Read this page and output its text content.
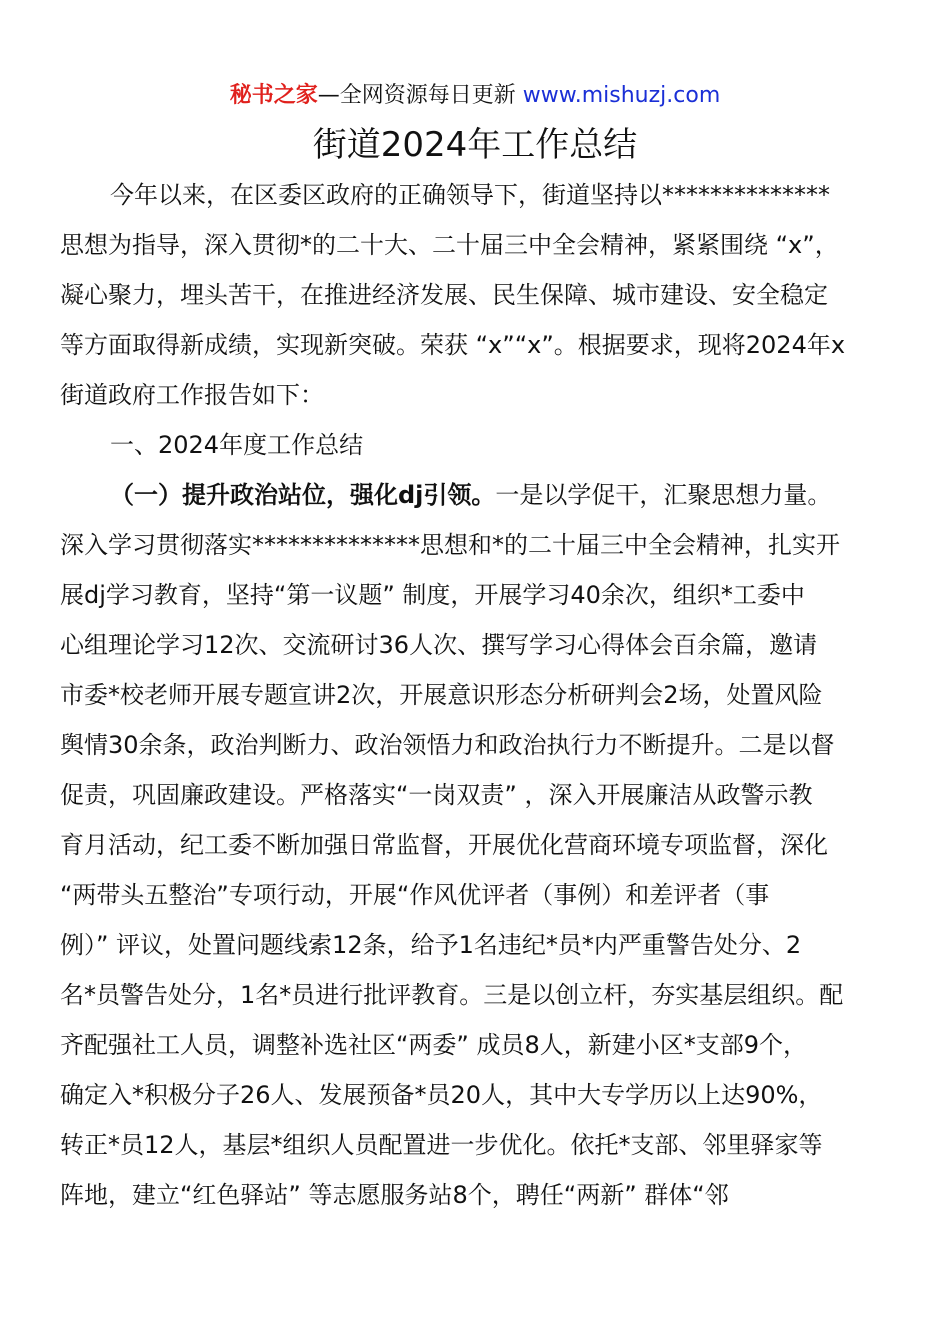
秘书之家—全网资源每日更新 www.mishuzj.com
街道2024年工作总结
今年以来，在区委区政府的正确领导下，街道坚持以**************
思想为指导，深入贯彻*的二十大、二十届三中全会精神，紧紧围绕 “x”，
凝心聚力，埋头苦干，在推进经济发展、民生保障、城市建设、安全稳定
等方面取得新成绩，实现新突破。荣获 “x”“x”。根据要求，现将2024年x
街道政府工作报告如下：
一、2024年度工作总结
（一）提升政治站位，强化dj引领。一是以学促干，汇聚思想力量。
深入学习贯彻落实**************思想和*的二十届三中全会精神，扎实开
展dj学习教育，坚持“第一议题” 制度，开展学习40余次，组织*工委中
心组理论学习12次、交流研讨36人次、撰写学习心得体会百余篇，邀请
市委*校老师开展专题宣讲2次，开展意识形态分析研判会2场，处置风险
舆情30余条，政治判断力、政治领悟力和政治执行力不断提升。二是以督
促责，巩固廉政建设。严格落实“一岗双责” ，深入开展廉洁从政警示教
育月活动，纪工委不断加强日常监督，开展优化营商环境专项监督，深化
“两带头五整治”专项行动，开展“作风优评者（事例）和差评者（事
例）” 评议，处置问题线索12条，给予1名违纪*员*内严重警告处分、2
名*员警告处分，1名*员进行批评教育。三是以创立杆，夯实基层组织。配
齐配强社工人员，调整补选社区“两委” 成员8人，新建小区*支部9个，
确定入*积极分子26人、发展预备*员20人，其中大专学历以上达90%，
转正*员12人，基层*组织人员配置进一步优化。依托*支部、邻里驿家等
阵地，建立“红色驿站” 等志愿服务站8个，聘任“两新” 群体“邻
